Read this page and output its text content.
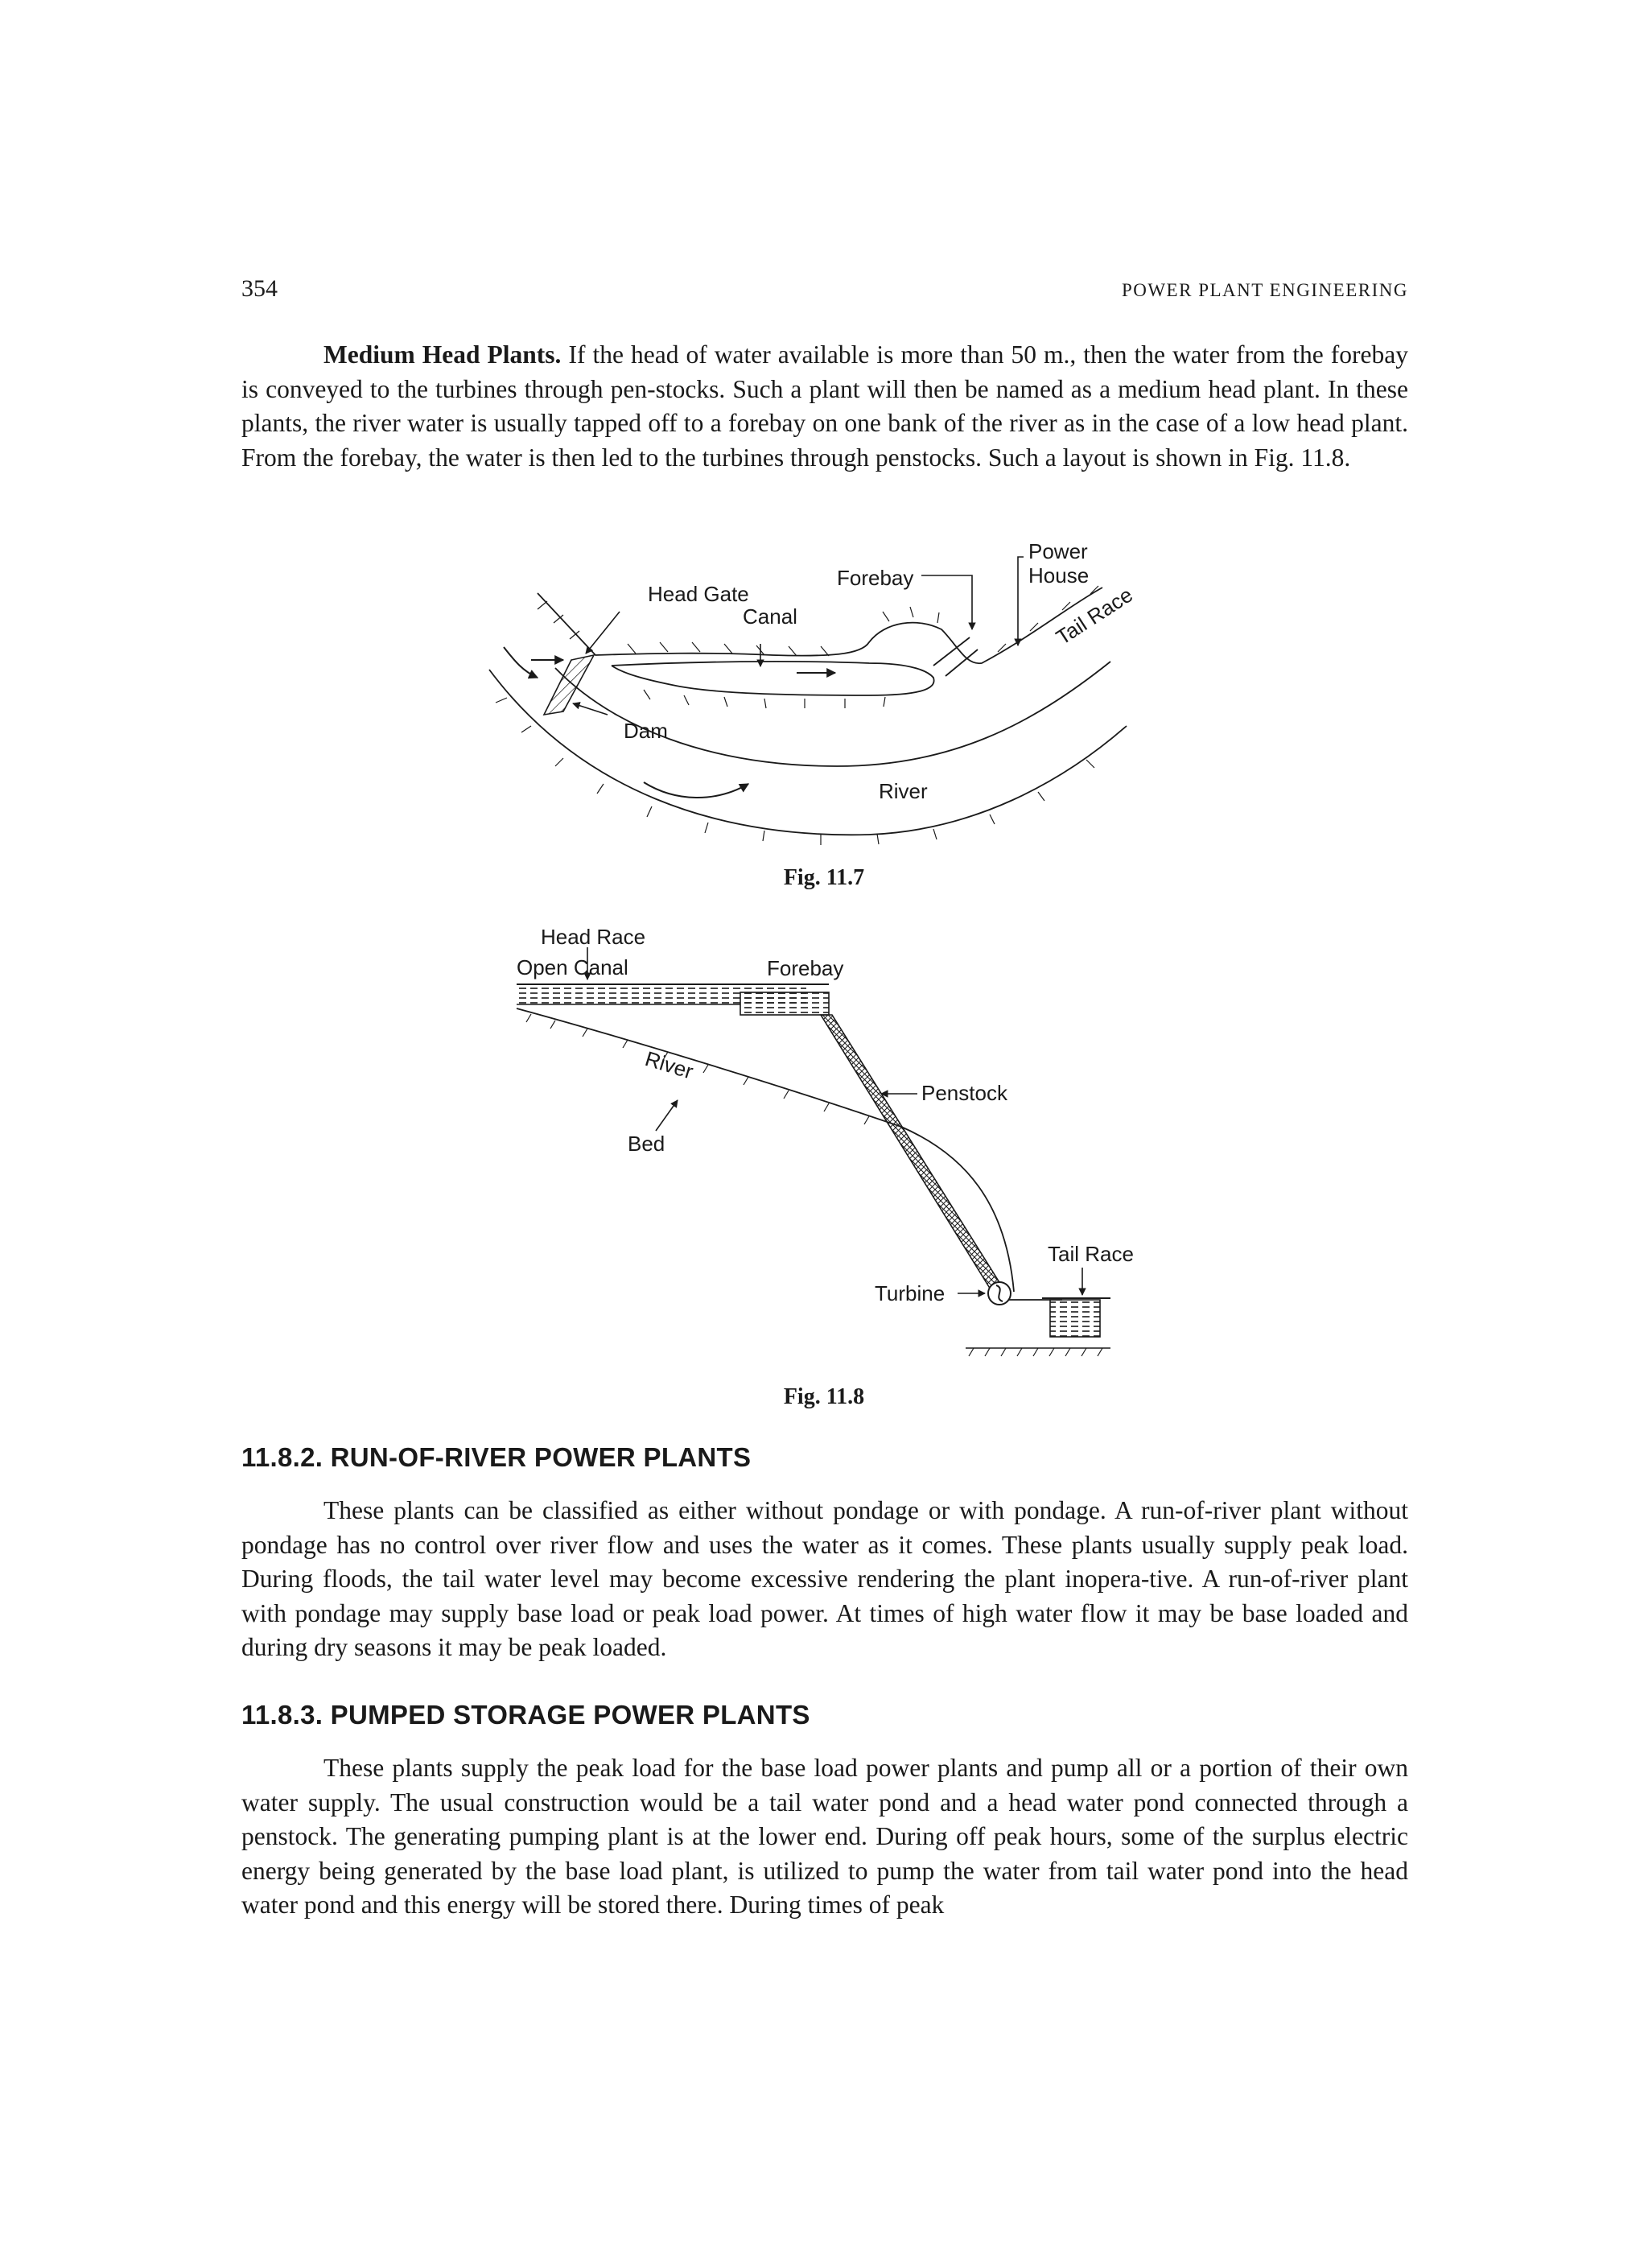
354	POWER PLANT ENGINEERING

Medium Head Plants. If the head of water available is more than 50 m., then the water from the forebay is conveyed to the turbines through pen-stocks. Such a plant will then be named as a medium head plant. In these plants, the river water is usually tapped off to a forebay on one bank of the river as in the case of a low head plant. From the forebay, the water is then led to the turbines through penstocks. Such a layout is shown in Fig. 11.8.

Power
House
Forebay
Head Gate
Canal	Tail Race
Dam
River
Fig. 11.7
Head Race
Open Canal	Forebay
River
Penstock
Bed
Tail Race
Turbine
Fig. 11.8
11.8.2. RUN-OF-RIVER POWER PLANTS

These plants can be classified as either without pondage or with pondage. A run-of-river plant without pondage has no control over river flow and uses the water as it comes. These plants usually supply peak load. During floods, the tail water level may become excessive rendering the plant inopera-tive. A run-of-river plant with pondage may supply base load or peak load power. At times of high water flow it may be base loaded and during dry seasons it may be peak loaded.

11.8.3. PUMPED STORAGE POWER PLANTS

These plants supply the peak load for the base load power plants and pump all or a portion of their own water supply. The usual construction would be a tail water pond and a head water pond connected through a penstock. The generating pumping plant is at the lower end. During off peak hours, some of the surplus electric energy being generated by the base load plant, is utilized to pump the water from tail water pond into the head water pond and this energy will be stored there. During times of peak
